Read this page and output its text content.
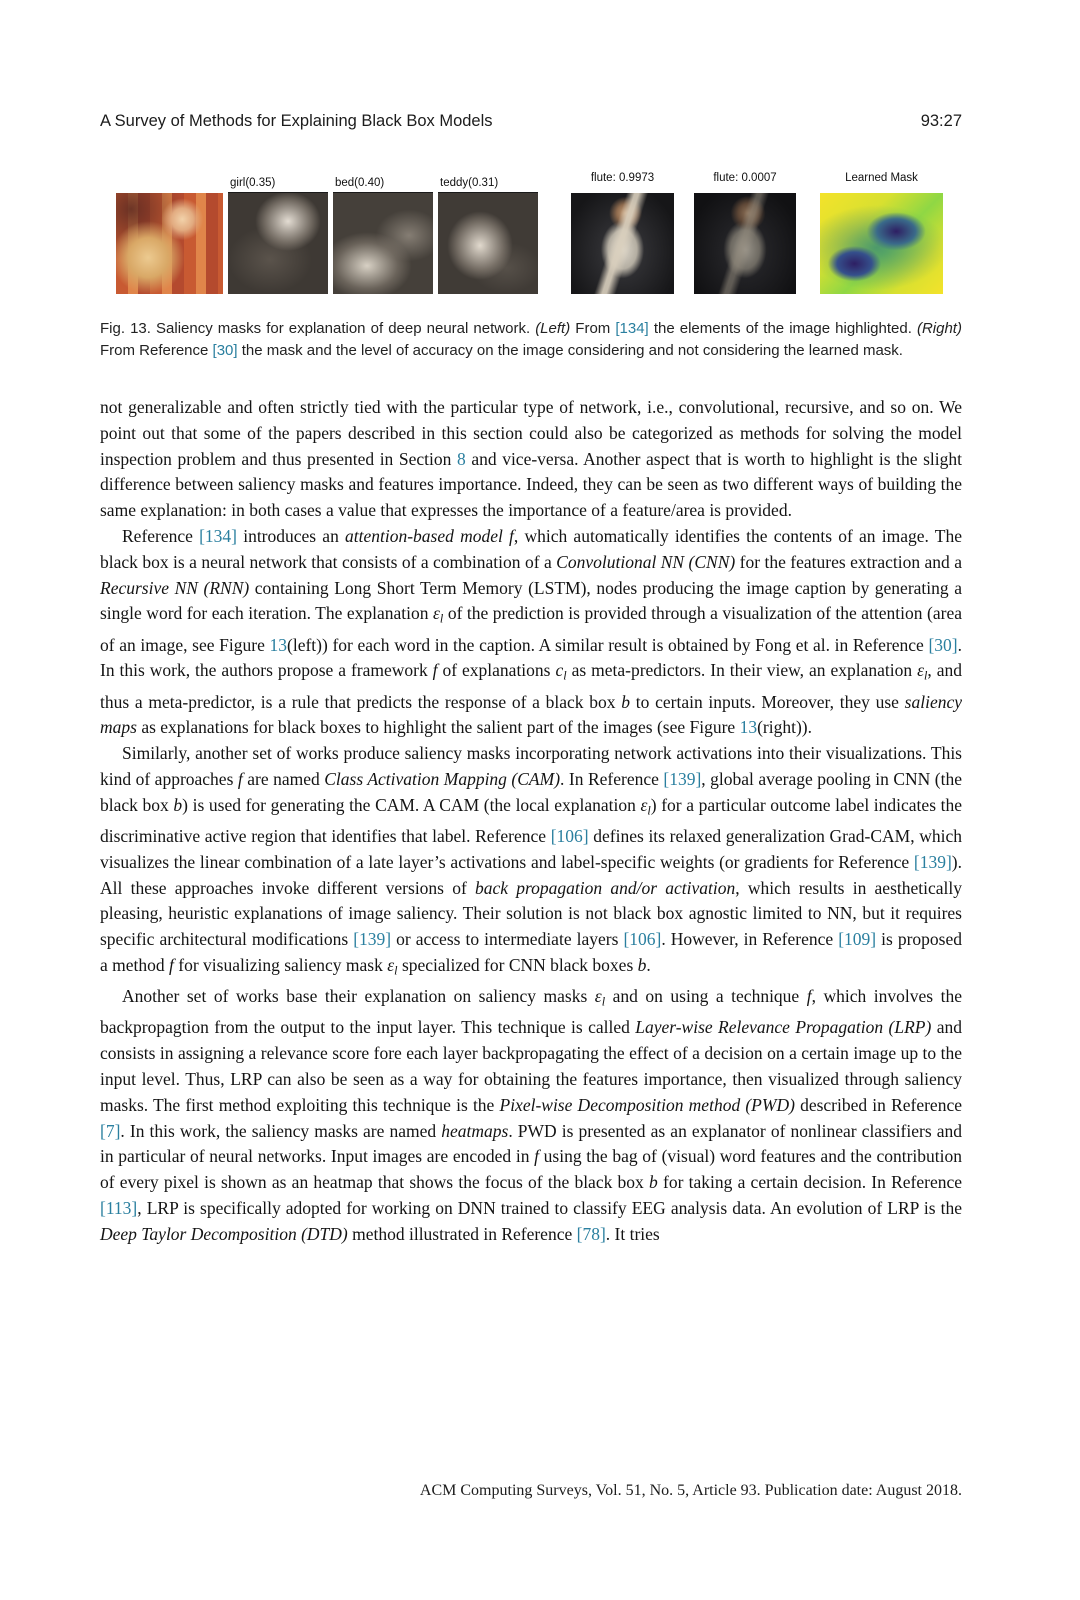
A Survey of Methods for Explaining Black Box Models	93:27
girl(0.35)	bed(0.40)	teddy(0.31)	flute: 0.9973	flute: 0.0007	Learned Mask

Fig. 13. Saliency masks for explanation of deep neural network. (Left) From [134] the elements of the image highlighted. (Right) From Reference [30] the mask and the level of accuracy on the image considering and not considering the learned mask.

not generalizable and often strictly tied with the particular type of network, i.e., convolutional, recursive, and so on. We point out that some of the papers described in this section could also be categorized as methods for solving the model inspection problem and thus presented in Section 8 and vice-versa. Another aspect that is worth to highlight is the slight difference between saliency masks and features importance. Indeed, they can be seen as two different ways of building the same explanation: in both cases a value that expresses the importance of a feature/area is provided.

Reference [134] introduces an attention-based model f, which automatically identifies the contents of an image. The black box is a neural network that consists of a combination of a Convolutional NN (CNN) for the features extraction and a Recursive NN (RNN) containing Long Short Term Memory (LSTM), nodes producing the image caption by generating a single word for each iteration. The explanation εl of the prediction is provided through a visualization of the attention (area of an image, see Figure 13(left)) for each word in the caption. A similar result is obtained by Fong et al. in Reference [30]. In this work, the authors propose a framework f of explanations cl as meta-predictors. In their view, an explanation εl, and thus a meta-predictor, is a rule that predicts the response of a black box b to certain inputs. Moreover, they use saliency maps as explanations for black boxes to highlight the salient part of the images (see Figure 13(right)).

Similarly, another set of works produce saliency masks incorporating network activations into their visualizations. This kind of approaches f are named Class Activation Mapping (CAM). In Reference [139], global average pooling in CNN (the black box b) is used for generating the CAM. A CAM (the local explanation εl) for a particular outcome label indicates the discriminative active region that identifies that label. Reference [106] defines its relaxed generalization Grad-CAM, which visualizes the linear combination of a late layer’s activations and label-specific weights (or gradients for Reference [139]). All these approaches invoke different versions of back propagation and/or activation, which results in aesthetically pleasing, heuristic explanations of image saliency. Their solution is not black box agnostic limited to NN, but it requires specific architectural modifications [139] or access to intermediate layers [106]. However, in Reference [109] is proposed a method f for visualizing saliency mask εl specialized for CNN black boxes b.

Another set of works base their explanation on saliency masks εl and on using a technique f, which involves the backpropagtion from the output to the input layer. This technique is called Layer-wise Relevance Propagation (LRP) and consists in assigning a relevance score fore each layer backpropagating the effect of a decision on a certain image up to the input level. Thus, LRP can also be seen as a way for obtaining the features importance, then visualized through saliency masks. The first method exploiting this technique is the Pixel-wise Decomposition method (PWD) described in Reference [7]. In this work, the saliency masks are named heatmaps. PWD is presented as an explanator of nonlinear classifiers and in particular of neural networks. Input images are encoded in f using the bag of (visual) word features and the contribution of every pixel is shown as an heatmap that shows the focus of the black box b for taking a certain decision. In Reference [113], LRP is specifically adopted for working on DNN trained to classify EEG analysis data. An evolution of LRP is the Deep Taylor Decomposition (DTD) method illustrated in Reference [78]. It tries

ACM Computing Surveys, Vol. 51, No. 5, Article 93. Publication date: August 2018.
